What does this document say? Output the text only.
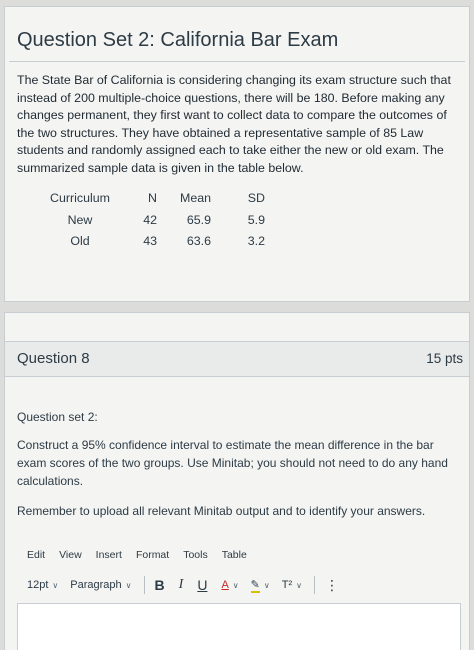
Question Set 2: California Bar Exam
The State Bar of California is considering changing its exam structure such that instead of 200 multiple-choice questions, there will be 180. Before making any changes permanent, they first want to collect data to compare the outcomes of the two structures. They have obtained a representative sample of 85 Law students and randomly assigned each to take either the new or old exam. The summarized sample data is given in the table below.
Curriculum	N	Mean	SD
New	42	65.9	5.9
Old	43	63.6	3.2
Question 8	15 pts

Question set 2:

Construct a 95% confidence interval to estimate the mean difference in the bar exam scores of the two groups. Use Minitab; you should not need to do any hand calculations.

Remember to upload all relevant Minitab output and to identify your answers.

Edit View Insert Format Tools Table
12pt ∨ Paragraph ∨ B I U A ∨ ✎ ∨ T² ∨ ⋮
